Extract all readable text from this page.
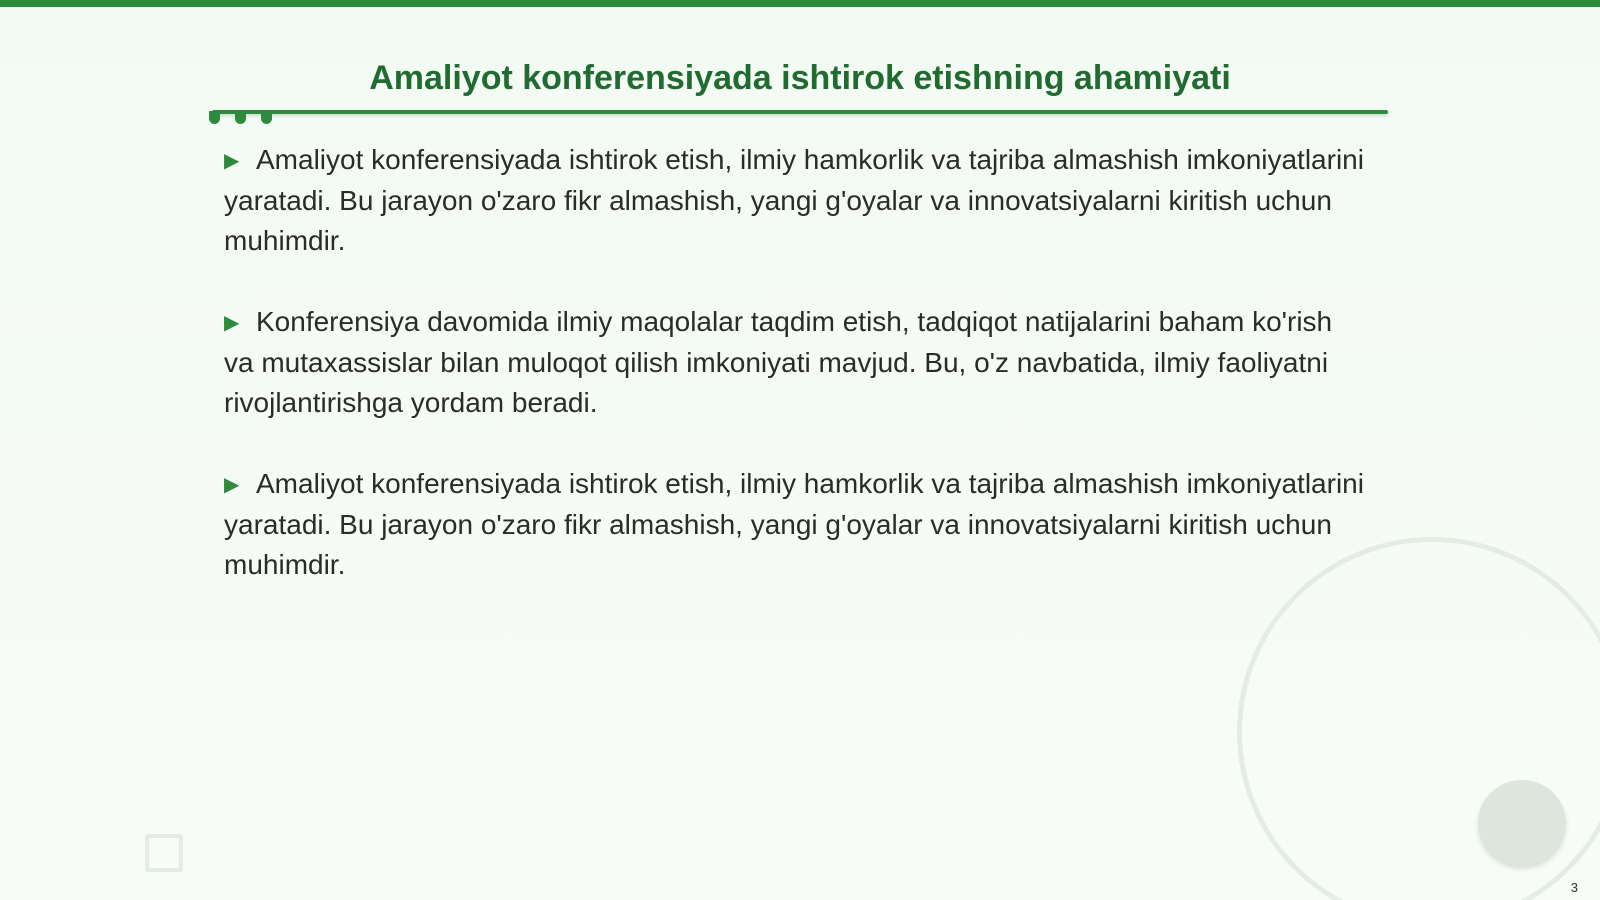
Amaliyot konferensiyada ishtirok etishning ahamiyati

▶ Amaliyot konferensiyada ishtirok etish, ilmiy hamkorlik va tajriba almashish imkoniyatlarini yaratadi. Bu jarayon o'zaro fikr almashish, yangi g'oyalar va innovatsiyalarni kiritish uchun muhimdir.

▶ Konferensiya davomida ilmiy maqolalar taqdim etish, tadqiqot natijalarini baham ko'rish va mutaxassislar bilan muloqot qilish imkoniyati mavjud. Bu, o'z navbatida, ilmiy faoliyatni rivojlantirishga yordam beradi.

▶ Amaliyot konferensiyada ishtirok etish, ilmiy hamkorlik va tajriba almashish imkoniyatlarini yaratadi. Bu jarayon o'zaro fikr almashish, yangi g'oyalar va innovatsiyalarni kiritish uchun muhimdir.

3
